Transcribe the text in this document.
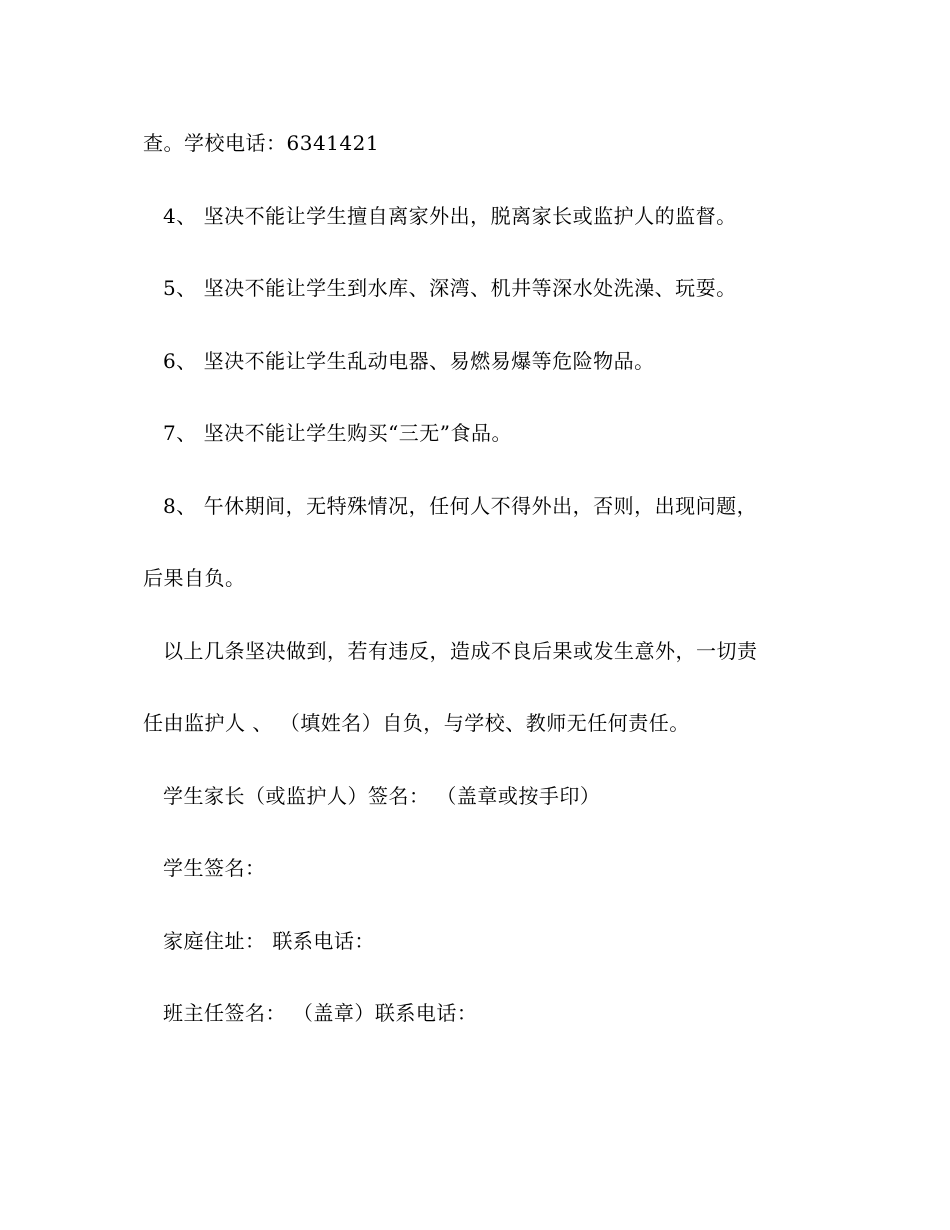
查。学校电话：6341421
4、 坚决不能让学生擅自离家外出，脱离家长或监护人的监督。
5、 坚决不能让学生到水库、深湾、机井等深水处洗澡、玩耍。
6、 坚决不能让学生乱动电器、易燃易爆等危险物品。
7、 坚决不能让学生购买“三无”食品。
8、 午休期间，无特殊情况，任何人不得外出，否则，出现问题，
后果自负。
以上几条坚决做到，若有违反，造成不良后果或发生意外，一切责
任由监护人 、 （填姓名）自负，与学校、教师无任何责任。
学生家长（或监护人）签名： （盖章或按手印）
学生签名：
家庭住址： 联系电话：
班主任签名： （盖章）联系电话：
